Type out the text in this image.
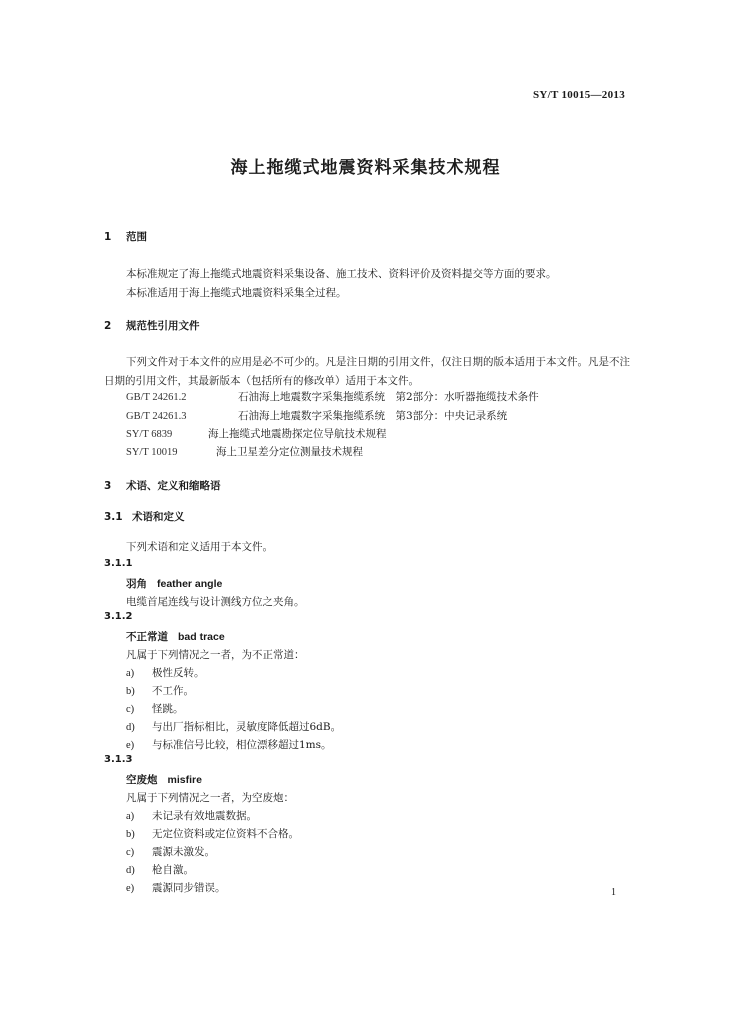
SY/T 10015—2013
海上拖缆式地震资料采集技术规程
1 范围
本标准规定了海上拖缆式地震资料采集设备、施工技术、资料评价及资料提交等方面的要求。
本标准适用于海上拖缆式地震资料采集全过程。
2 规范性引用文件
下列文件对于本文件的应用是必不可少的。凡是注日期的引用文件，仅注日期的版本适用于本文件。凡是不注日期的引用文件，其最新版本（包括所有的修改单）适用于本文件。
GB/T 24261.2	石油海上地震数字采集拖缆系统　第2部分：水听器拖缆技术条件
GB/T 24261.3	石油海上地震数字采集拖缆系统　第3部分：中央记录系统
SY/T 6839	海上拖缆式地震勘探定位导航技术规程
SY/T 10019	海上卫星差分定位测量技术规程
3 术语、定义和缩略语
3.1 术语和定义
下列术语和定义适用于本文件。
3.1.1
羽角 feather angle
电缆首尾连线与设计测线方位之夹角。
3.1.2
不正常道 bad trace
凡属于下列情况之一者，为不正常道：
a) 极性反转。
b) 不工作。
c) 怪跳。
d) 与出厂指标相比，灵敏度降低超过6dB。
e) 与标准信号比较，相位漂移超过1ms。
3.1.3
空废炮 misfire
凡属于下列情况之一者，为空废炮：
a) 未记录有效地震数据。
b) 无定位资料或定位资料不合格。
c) 震源未激发。
d) 枪自激。
e) 震源同步错误。	1
